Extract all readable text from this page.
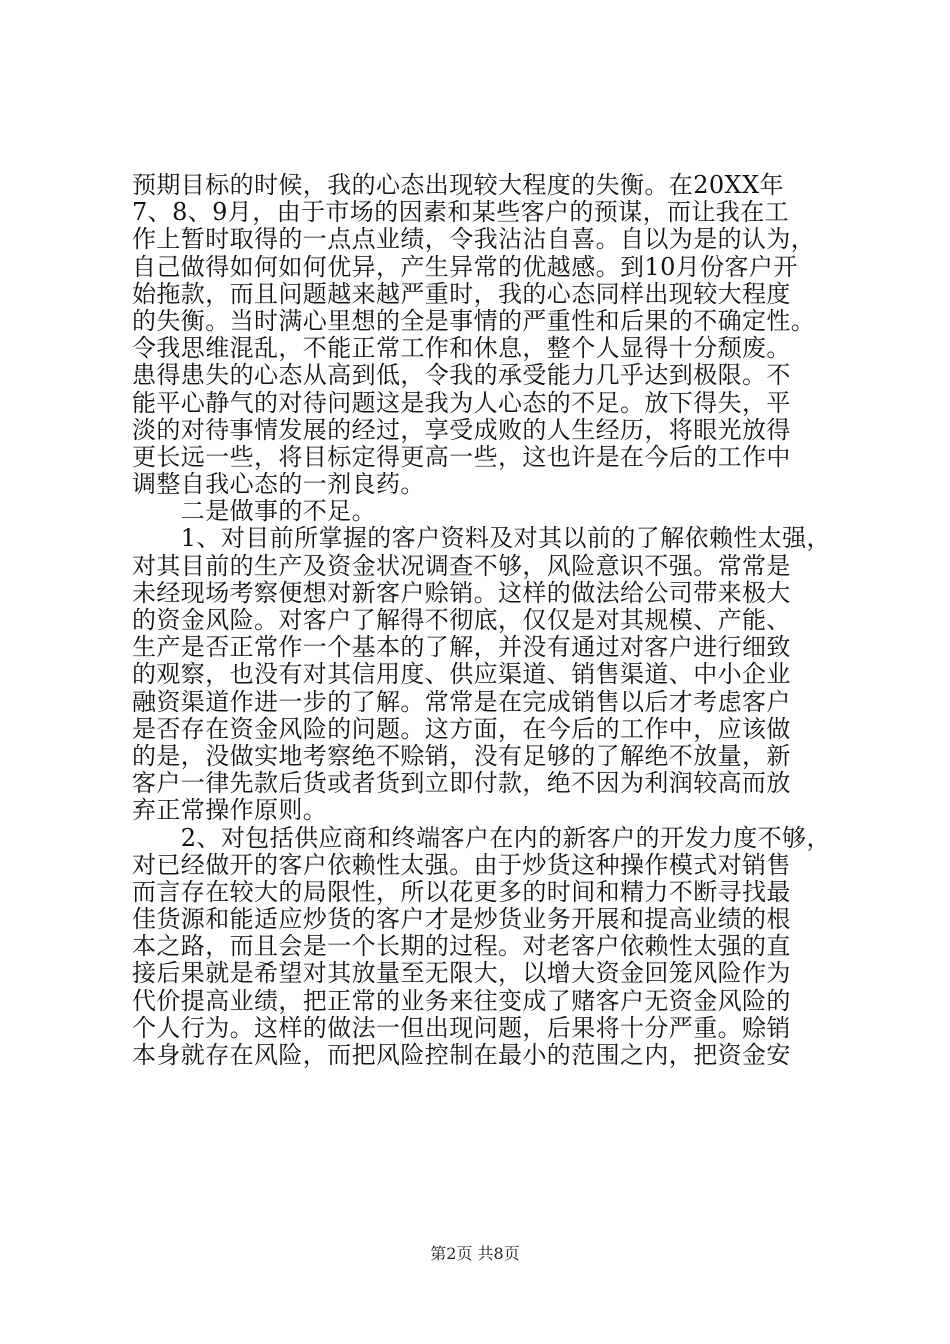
预期目标的时候，我的心态出现较大程度的失衡。在20XX年
7、8、9月，由于市场的因素和某些客户的预谋，而让我在工
作上暂时取得的一点点业绩，令我沾沾自喜。自以为是的认为，
自己做得如何如何优异，产生异常的优越感。到10月份客户开
始拖款，而且问题越来越严重时，我的心态同样出现较大程度
的失衡。当时满心里想的全是事情的严重性和后果的不确定性。
令我思维混乱，不能正常工作和休息，整个人显得十分颓废。
患得患失的心态从高到低，令我的承受能力几乎达到极限。不
能平心静气的对待问题这是我为人心态的不足。放下得失，平
淡的对待事情发展的经过，享受成败的人生经历，将眼光放得
更长远一些，将目标定得更高一些，这也许是在今后的工作中
调整自我心态的一剂良药。
　　二是做事的不足。
　　1、对目前所掌握的客户资料及对其以前的了解依赖性太强，
对其目前的生产及资金状况调查不够，风险意识不强。常常是
未经现场考察便想对新客户赊销。这样的做法给公司带来极大
的资金风险。对客户了解得不彻底，仅仅是对其规模、产能、
生产是否正常作一个基本的了解，并没有通过对客户进行细致
的观察，也没有对其信用度、供应渠道、销售渠道、中小企业
融资渠道作进一步的了解。常常是在完成销售以后才考虑客户
是否存在资金风险的问题。这方面，在今后的工作中，应该做
的是，没做实地考察绝不赊销，没有足够的了解绝不放量，新
客户一律先款后货或者货到立即付款，绝不因为利润较高而放
弃正常操作原则。
　　2、对包括供应商和终端客户在内的新客户的开发力度不够，
对已经做开的客户依赖性太强。由于炒货这种操作模式对销售
而言存在较大的局限性，所以花更多的时间和精力不断寻找最
佳货源和能适应炒货的客户才是炒货业务开展和提高业绩的根
本之路，而且会是一个长期的过程。对老客户依赖性太强的直
接后果就是希望对其放量至无限大，以增大资金回笼风险作为
代价提高业绩，把正常的业务来往变成了赌客户无资金风险的
个人行为。这样的做法一但出现问题，后果将十分严重。赊销
本身就存在风险，而把风险控制在最小的范围之内，把资金安
第2页 共8页
